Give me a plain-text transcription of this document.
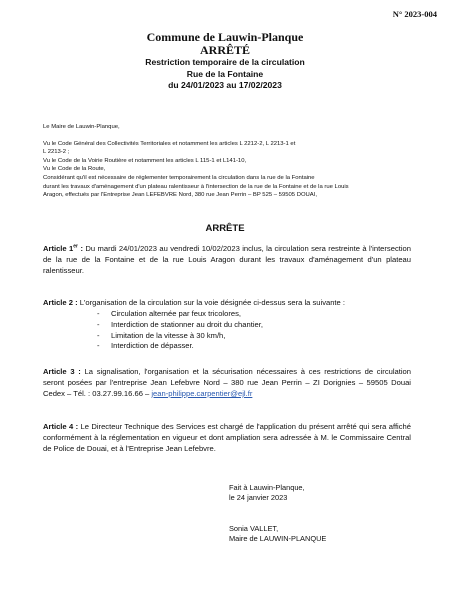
N° 2023-004
Commune de Lauwin-Planque
ARRÊTÉ
Restriction temporaire de la circulation
Rue de la Fontaine
du 24/01/2023 au 17/02/2023

Le Maire de Lauwin-Planque,

Vu le Code Général des Collectivités Territoriales et notamment les articles L 2212-2, L 2213-1 et

L 2213-2 ;

Vu le Code de la Voirie Routière et notamment les articles L 115-1 et L141-10,

Vu le Code de la Route,

Considérant qu'il est nécessaire de réglementer temporairement la circulation dans la rue de la Fontaine

durant les travaux d'aménagement d'un plateau ralentisseur à l'intersection de la rue de la Fontaine et de la rue Louis

Aragon, effectués par l'Entreprise Jean LEFEBVRE Nord, 380 rue Jean Perrin – BP 525 – 59505 DOUAI,

ARRÊTE
Article 1er : Du mardi 24/01/2023 au vendredi 10/02/2023 inclus, la circulation sera restreinte à l'intersection de la rue de la Fontaine et de la rue Louis Aragon durant les travaux d'aménagement d'un plateau ralentisseur.
Article 2 : L'organisation de la circulation sur la voie désignée ci-dessus sera la suivante :
-	Circulation alternée par feux tricolores,
-	Interdiction de stationner au droit du chantier,
-	Limitation de la vitesse à 30 km/h,
-	Interdiction de dépasser.
Article 3 : La signalisation, l'organisation et la sécurisation nécessaires à ces restrictions de circulation seront posées par l'entreprise Jean Lefebvre Nord – 380 rue Jean Perrin – ZI Dorignies – 59505 Douai Cedex – Tél. : 03.27.99.16.66 – jean-philippe.carpentier@ejl.fr
Article 4 : Le Directeur Technique des Services est chargé de l'application du présent arrêté qui sera affiché conformément à la réglementation en vigueur et dont ampliation sera adressée à M. le Commissaire Central de Police de Douai, et à l'Entreprise Jean Lefebvre.
Fait à Lauwin-Planque,
le 24 janvier 2023
Sonia VALLET,
Maire de LAUWIN-PLANQUE
